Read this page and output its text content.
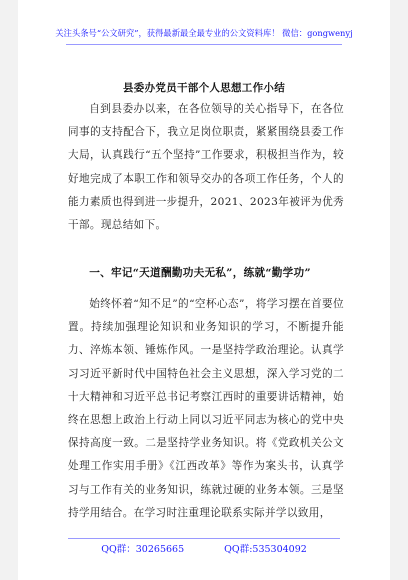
关注头条号“公文研究”，获得最新最全最专业的公文资料库！ 微信：gongwenyj
县委办党员干部个人思想工作小结

自到县委办以来，在各位领导的关心指导下，在各位同事的支持配合下，我立足岗位职责，紧紧围绕县委工作大局，认真践行“五个坚持”工作要求，积极担当作为，较好地完成了本职工作和领导交办的各项工作任务，个人的能力素质也得到进一步提升，2021、2023年被评为优秀干部。现总结如下。

一、牢记“天道酬勤功夫无私”，练就“勤学功”

始终怀着“知不足”的“空杯心态”，将学习摆在首要位置。持续加强理论知识和业务知识的学习，不断提升能力、淬炼本领、锤炼作风。一是坚持学政治理论。认真学习习近平新时代中国特色社会主义思想，深入学习党的二十大精神和习近平总书记考察江西时的重要讲话精神，始终在思想上政治上行动上同以习近平同志为核心的党中央保持高度一致。二是坚持学业务知识。将《党政机关公文处理工作实用手册》《江西改革》等作为案头书，认真学习与工作有关的业务知识，练就过硬的业务本领。三是坚持学用结合。在学习时注重理论联系实际并学以致用，

QQ群：30265665	QQ群:535304092
